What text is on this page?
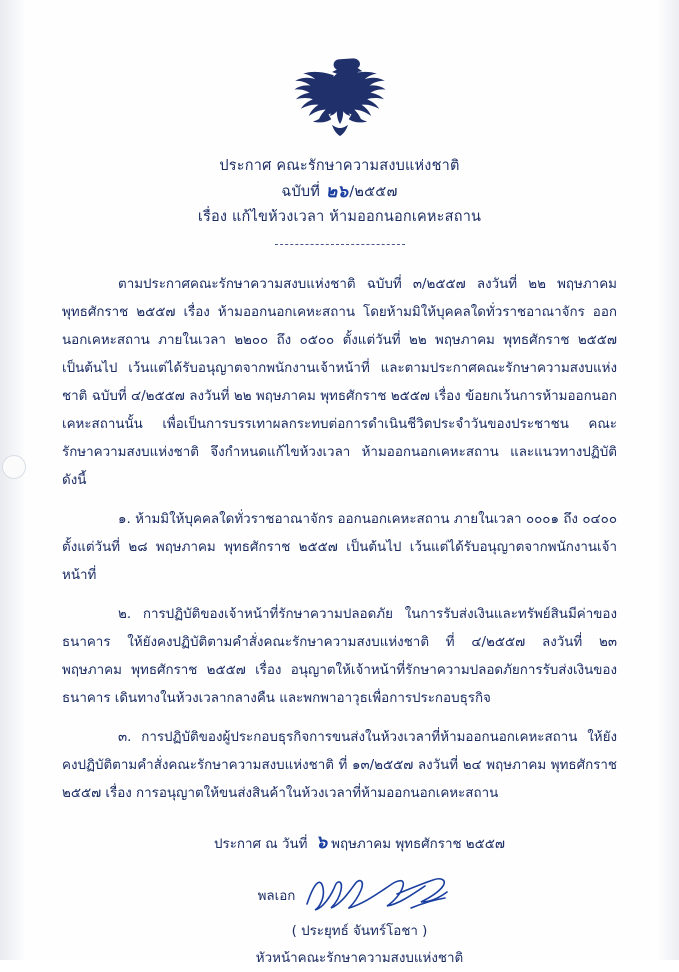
ประกาศ คณะรักษาความสงบแห่งชาติ
ฉบับที่ ๒๖/๒๕๕๗
เรื่อง แก้ไขห้วงเวลา ห้ามออกนอกเคหะสถาน

ตามประกาศคณะรักษาความสงบแห่งชาติ ฉบับที่ ๓/๒๕๕๗ ลงวันที่ ๒๒ พฤษภาคม พุทธศักราช ๒๕๕๗ เรื่อง ห้ามออกนอกเคหะสถาน โดยห้ามมิให้บุคคลใดทั่วราชอาณาจักร ออกนอกเคหะสถาน ภายในเวลา ๒๒๐๐ ถึง ๐๕๐๐ ตั้งแต่วันที่ ๒๒ พฤษภาคม พุทธศักราช ๒๕๕๗ เป็นต้นไป เว้นแต่ได้รับอนุญาตจากพนักงานเจ้าหน้าที่ และตามประกาศคณะรักษาความสงบแห่งชาติ ฉบับที่ ๔/๒๕๕๗ ลงวันที่ ๒๒ พฤษภาคม พุทธศักราช ๒๕๕๗ เรื่อง ข้อยกเว้นการห้ามออกนอกเคหะสถานนั้น เพื่อเป็นการบรรเทาผลกระทบต่อการดำเนินชีวิตประจำวันของประชาชน คณะรักษาความสงบแห่งชาติ จึงกำหนดแก้ไขห้วงเวลา ห้ามออกนอกเคหะสถาน และแนวทางปฏิบัติ ดังนี้

๑. ห้ามมิให้บุคคลใดทั่วราชอาณาจักร ออกนอกเคหะสถาน ภายในเวลา ๐๐๐๑ ถึง ๐๔๐๐ ตั้งแต่วันที่ ๒๘ พฤษภาคม พุทธศักราช ๒๕๕๗ เป็นต้นไป เว้นแต่ได้รับอนุญาตจากพนักงานเจ้าหน้าที่

๒. การปฏิบัติของเจ้าหน้าที่รักษาความปลอดภัย ในการรับส่งเงินและทรัพย์สินมีค่าของธนาคาร ให้ยังคงปฏิบัติตามคำสั่งคณะรักษาความสงบแห่งชาติ ที่ ๔/๒๕๕๗ ลงวันที่ ๒๓ พฤษภาคม พุทธศักราช ๒๕๕๗ เรื่อง อนุญาตให้เจ้าหน้าที่รักษาความปลอดภัยการรับส่งเงินของธนาคาร เดินทางในห้วงเวลากลางคืน และพกพาอาวุธเพื่อการประกอบธุรกิจ

๓. การปฏิบัติของผู้ประกอบธุรกิจการขนส่งในห้วงเวลาที่ห้ามออกนอกเคหะสถาน ให้ยังคงปฏิบัติตามคำสั่งคณะรักษาความสงบแห่งชาติ ที่ ๑๓/๒๕๕๗ ลงวันที่ ๒๔ พฤษภาคม พุทธศักราช ๒๕๕๗ เรื่อง การอนุญาตให้ขนส่งสินค้าในห้วงเวลาที่ห้ามออกนอกเคหะสถาน

ประกาศ ณ วันที่ ๖ พฤษภาคม พุทธศักราช ๒๕๕๗
พลเอก
( ประยุทธ์ จันทร์โอชา )
หัวหน้าคณะรักษาความสงบแห่งชาติ
